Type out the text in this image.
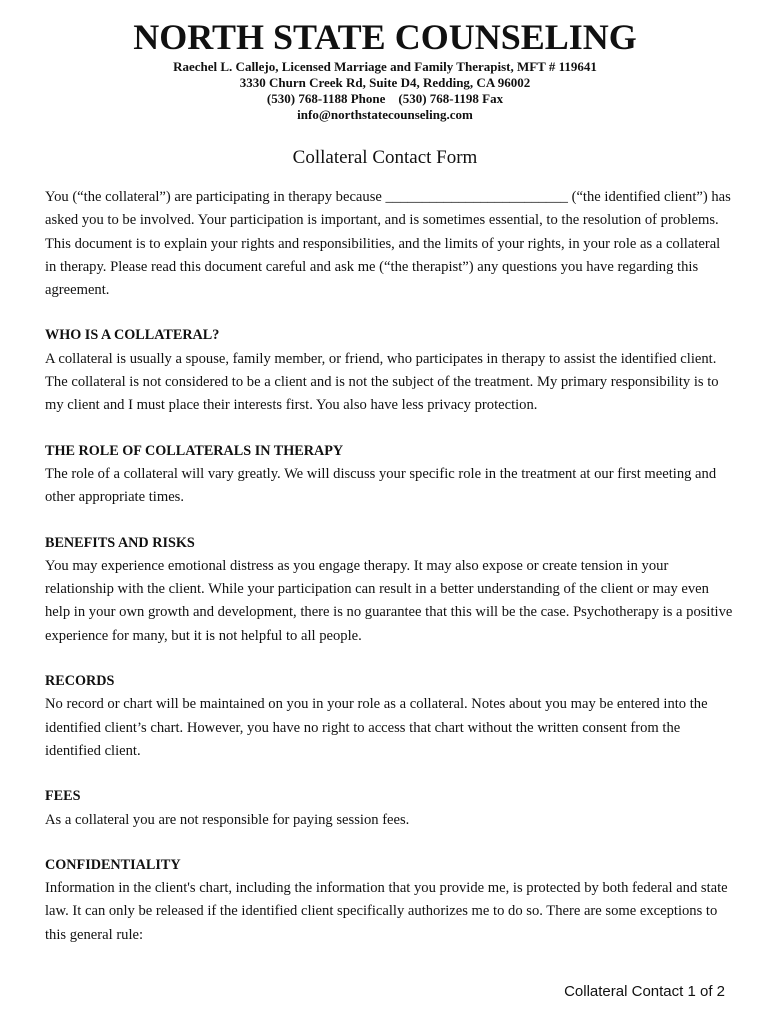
NORTH STATE COUNSELING
Raechel L. Callejo, Licensed Marriage and Family Therapist, MFT # 119641
3330 Churn Creek Rd, Suite D4, Redding, CA 96002
(530) 768-1188 Phone    (530) 768-1198 Fax
info@northstatecounseling.com
Collateral Contact Form

You (“the collateral”) are participating in therapy because _________________________ (“the identified client”) has asked you to be involved. Your participation is important, and is sometimes essential, to the resolution of problems. This document is to explain your rights and responsibilities, and the limits of your rights, in your role as a collateral in therapy. Please read this document careful and ask me (“the therapist”) any questions you have regarding this agreement.

WHO IS A COLLATERAL?

A collateral is usually a spouse, family member, or friend, who participates in therapy to assist the identified client. The collateral is not considered to be a client and is not the subject of the treatment. My primary responsibility is to my client and I must place their interests first. You also have less privacy protection.

THE ROLE OF COLLATERALS IN THERAPY

The role of a collateral will vary greatly. We will discuss your specific role in the treatment at our first meeting and other appropriate times.

BENEFITS AND RISKS

You may experience emotional distress as you engage therapy. It may also expose or create tension in your relationship with the client. While your participation can result in a better understanding of the client or may even help in your own growth and development, there is no guarantee that this will be the case. Psychotherapy is a positive experience for many, but it is not helpful to all people.

RECORDS

No record or chart will be maintained on you in your role as a collateral. Notes about you may be entered into the identified client’s chart. However, you have no right to access that chart without the written consent from the identified client.

FEES

As a collateral you are not responsible for paying session fees.

CONFIDENTIALITY

Information in the client's chart, including the information that you provide me, is protected by both federal and state law. It can only be released if the identified client specifically authorizes me to do so. There are some exceptions to this general rule:

Collateral Contact 1 of 2
